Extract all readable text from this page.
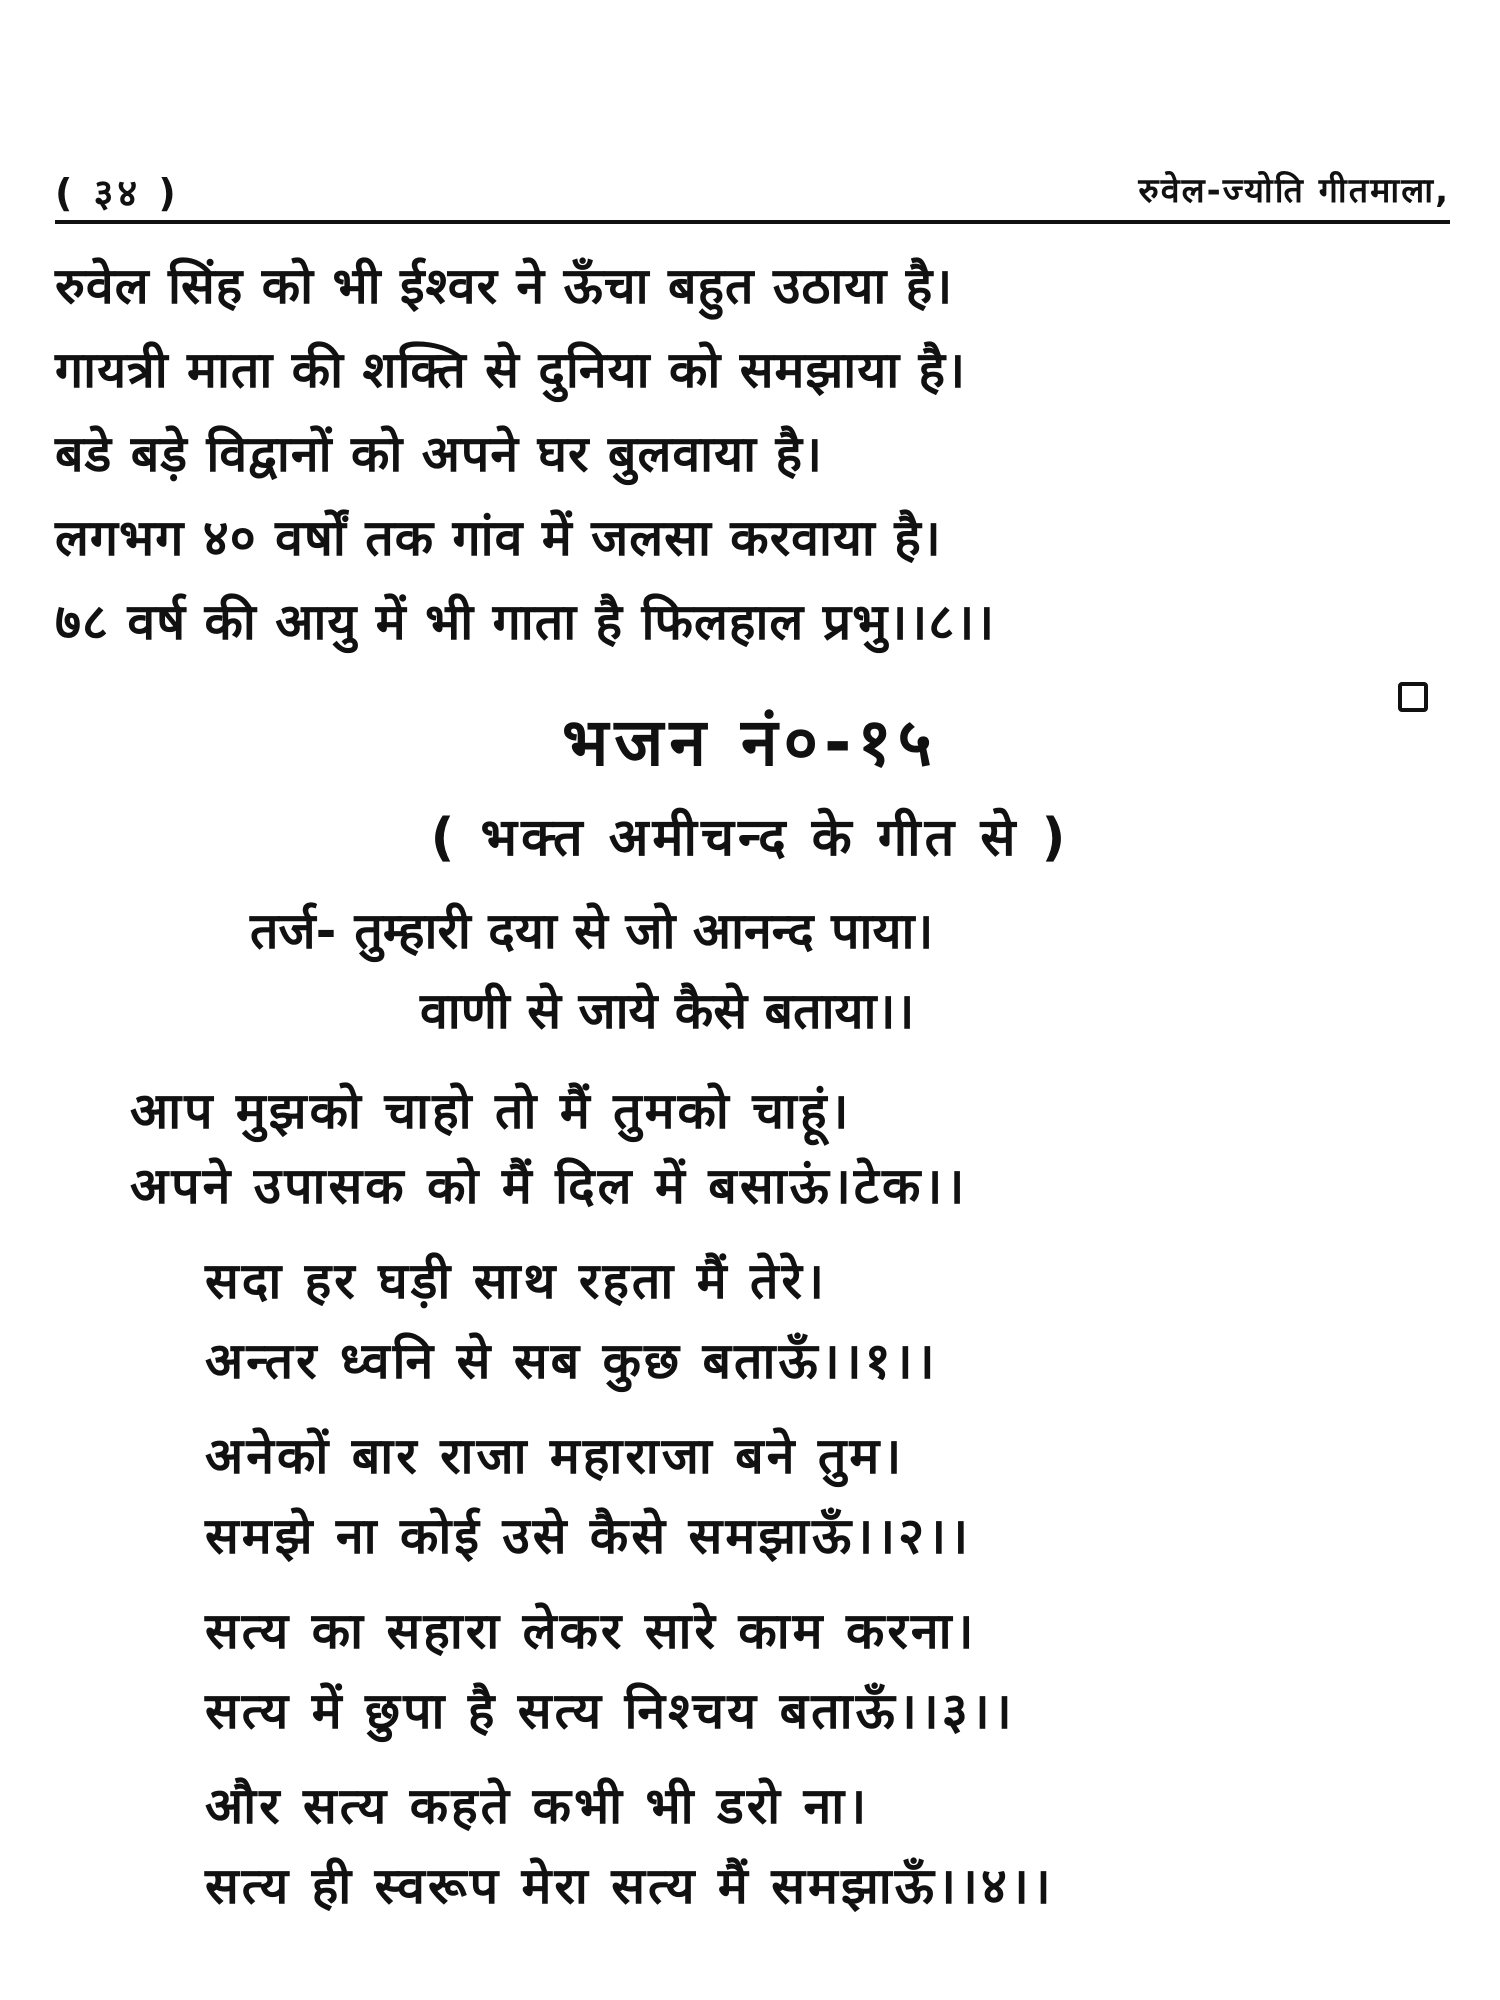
( ३४ )	रुवेल-ज्योति गीतमाला,
रुवेल सिंह को भी ईश्वर ने ऊँचा बहुत उठाया है।
गायत्री माता की शक्ति से दुनिया को समझाया है।
बडे बड़े विद्वानों को अपने घर बुलवाया है।
लगभग ४० वर्षों तक गांव में जलसा करवाया है।
७८ वर्ष की आयु में भी गाता है फिलहाल प्रभु।।८।।
भजन नं०-१५
( भक्त अमीचन्द के गीत से )
तर्ज- तुम्हारी दया से जो आनन्द पाया।
वाणी से जाये कैसे बताया।।
आप मुझको चाहो तो मैं तुमको चाहूं।
अपने उपासक को मैं दिल में बसाऊं।टेक।।
सदा हर घड़ी साथ रहता मैं तेरे।
अन्तर ध्वनि से सब कुछ बताऊँ।।१।।
अनेकों बार राजा महाराजा बने तुम।
समझे ना कोई उसे कैसे समझाऊँ।।२।।
सत्य का सहारा लेकर सारे काम करना।
सत्य में छुपा है सत्य निश्चय बताऊँ।।३।।
और सत्य कहते कभी भी डरो ना।
सत्य ही स्वरूप मेरा सत्य मैं समझाऊँ।।४।।
